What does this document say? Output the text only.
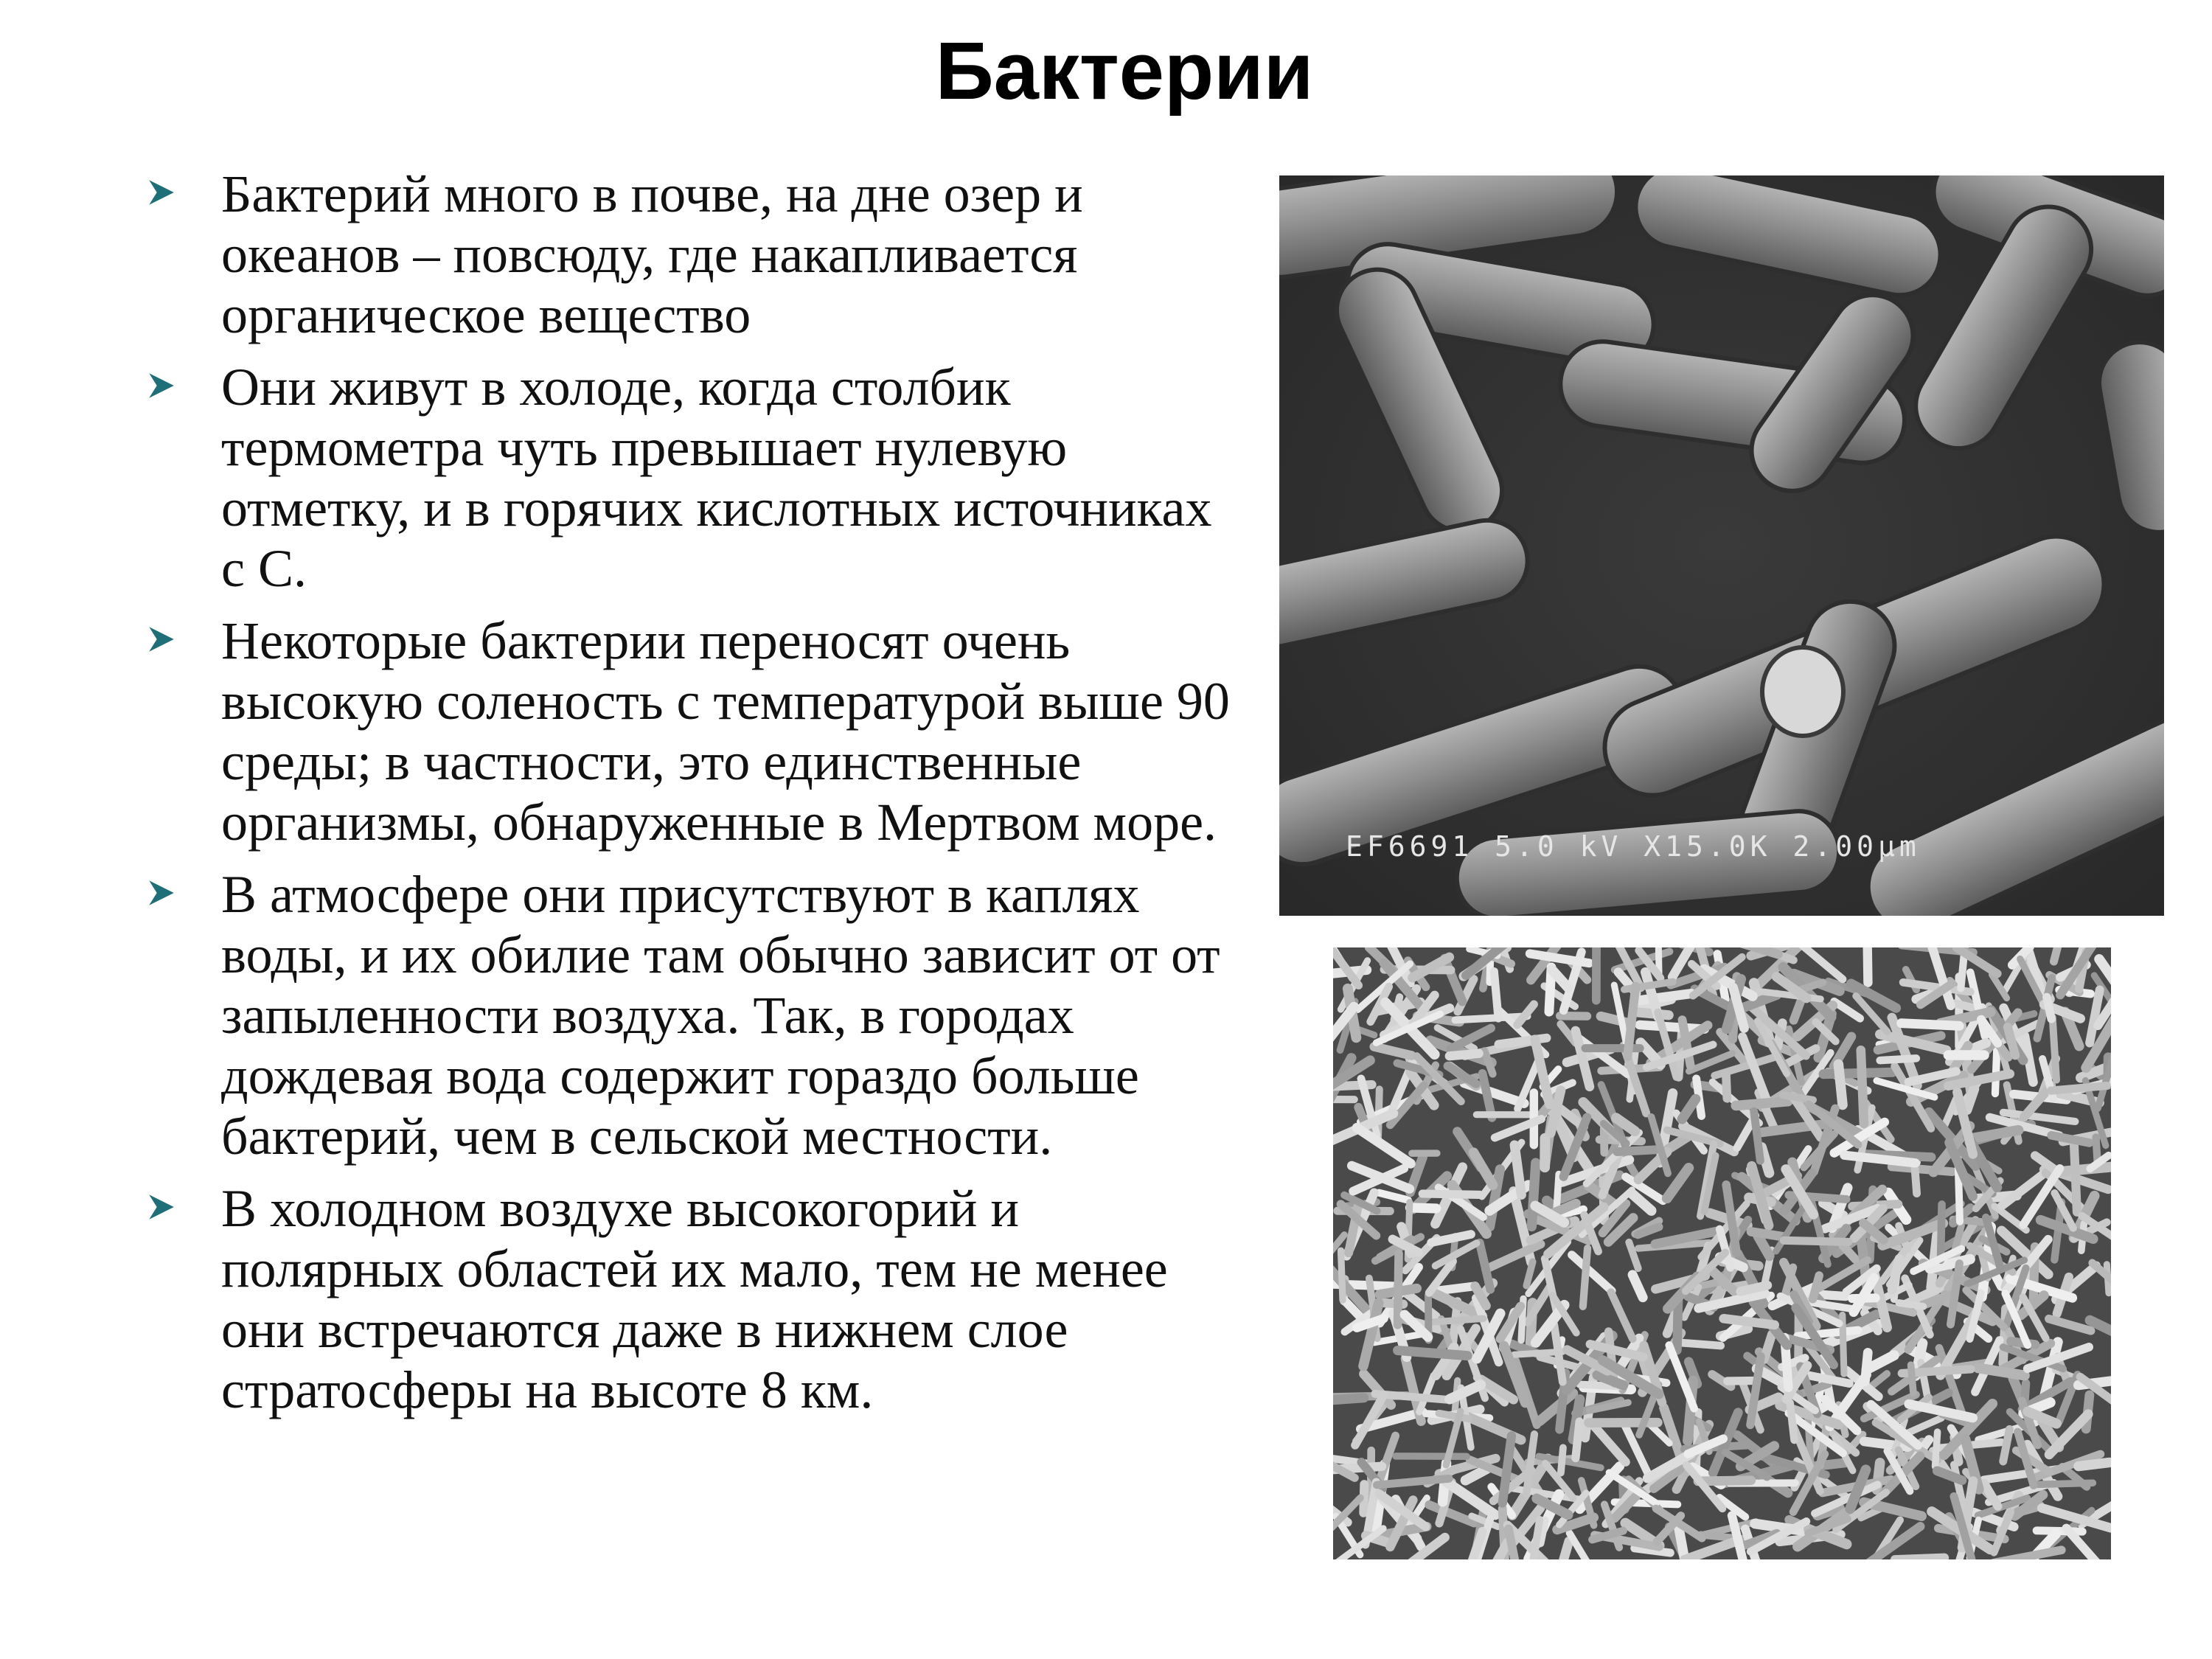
Бактерии
Бактерий много в почве, на дне озер и океанов – повсюду, где накапливается органическое вещество
Они живут в холоде, когда столбик термометра чуть превышает нулевую отметку, и в горячих кислотных источниках с С.
Некоторые бактерии переносят очень высокую соленость с температурой выше 90 среды; в частности, это единственные организмы, обнаруженные в Мертвом море.
В атмосфере они присутствуют в каплях воды, и их обилие там обычно зависит от от запыленности воздуха. Так, в городах дождевая вода содержит гораздо больше бактерий, чем в сельской местности.
В холодном воздухе высокогорий и полярных областей их мало, тем не менее они встречаются даже в нижнем слое стратосферы на высоте 8 км.
EF6691 5.0 kV X15.0K 2.00μm
